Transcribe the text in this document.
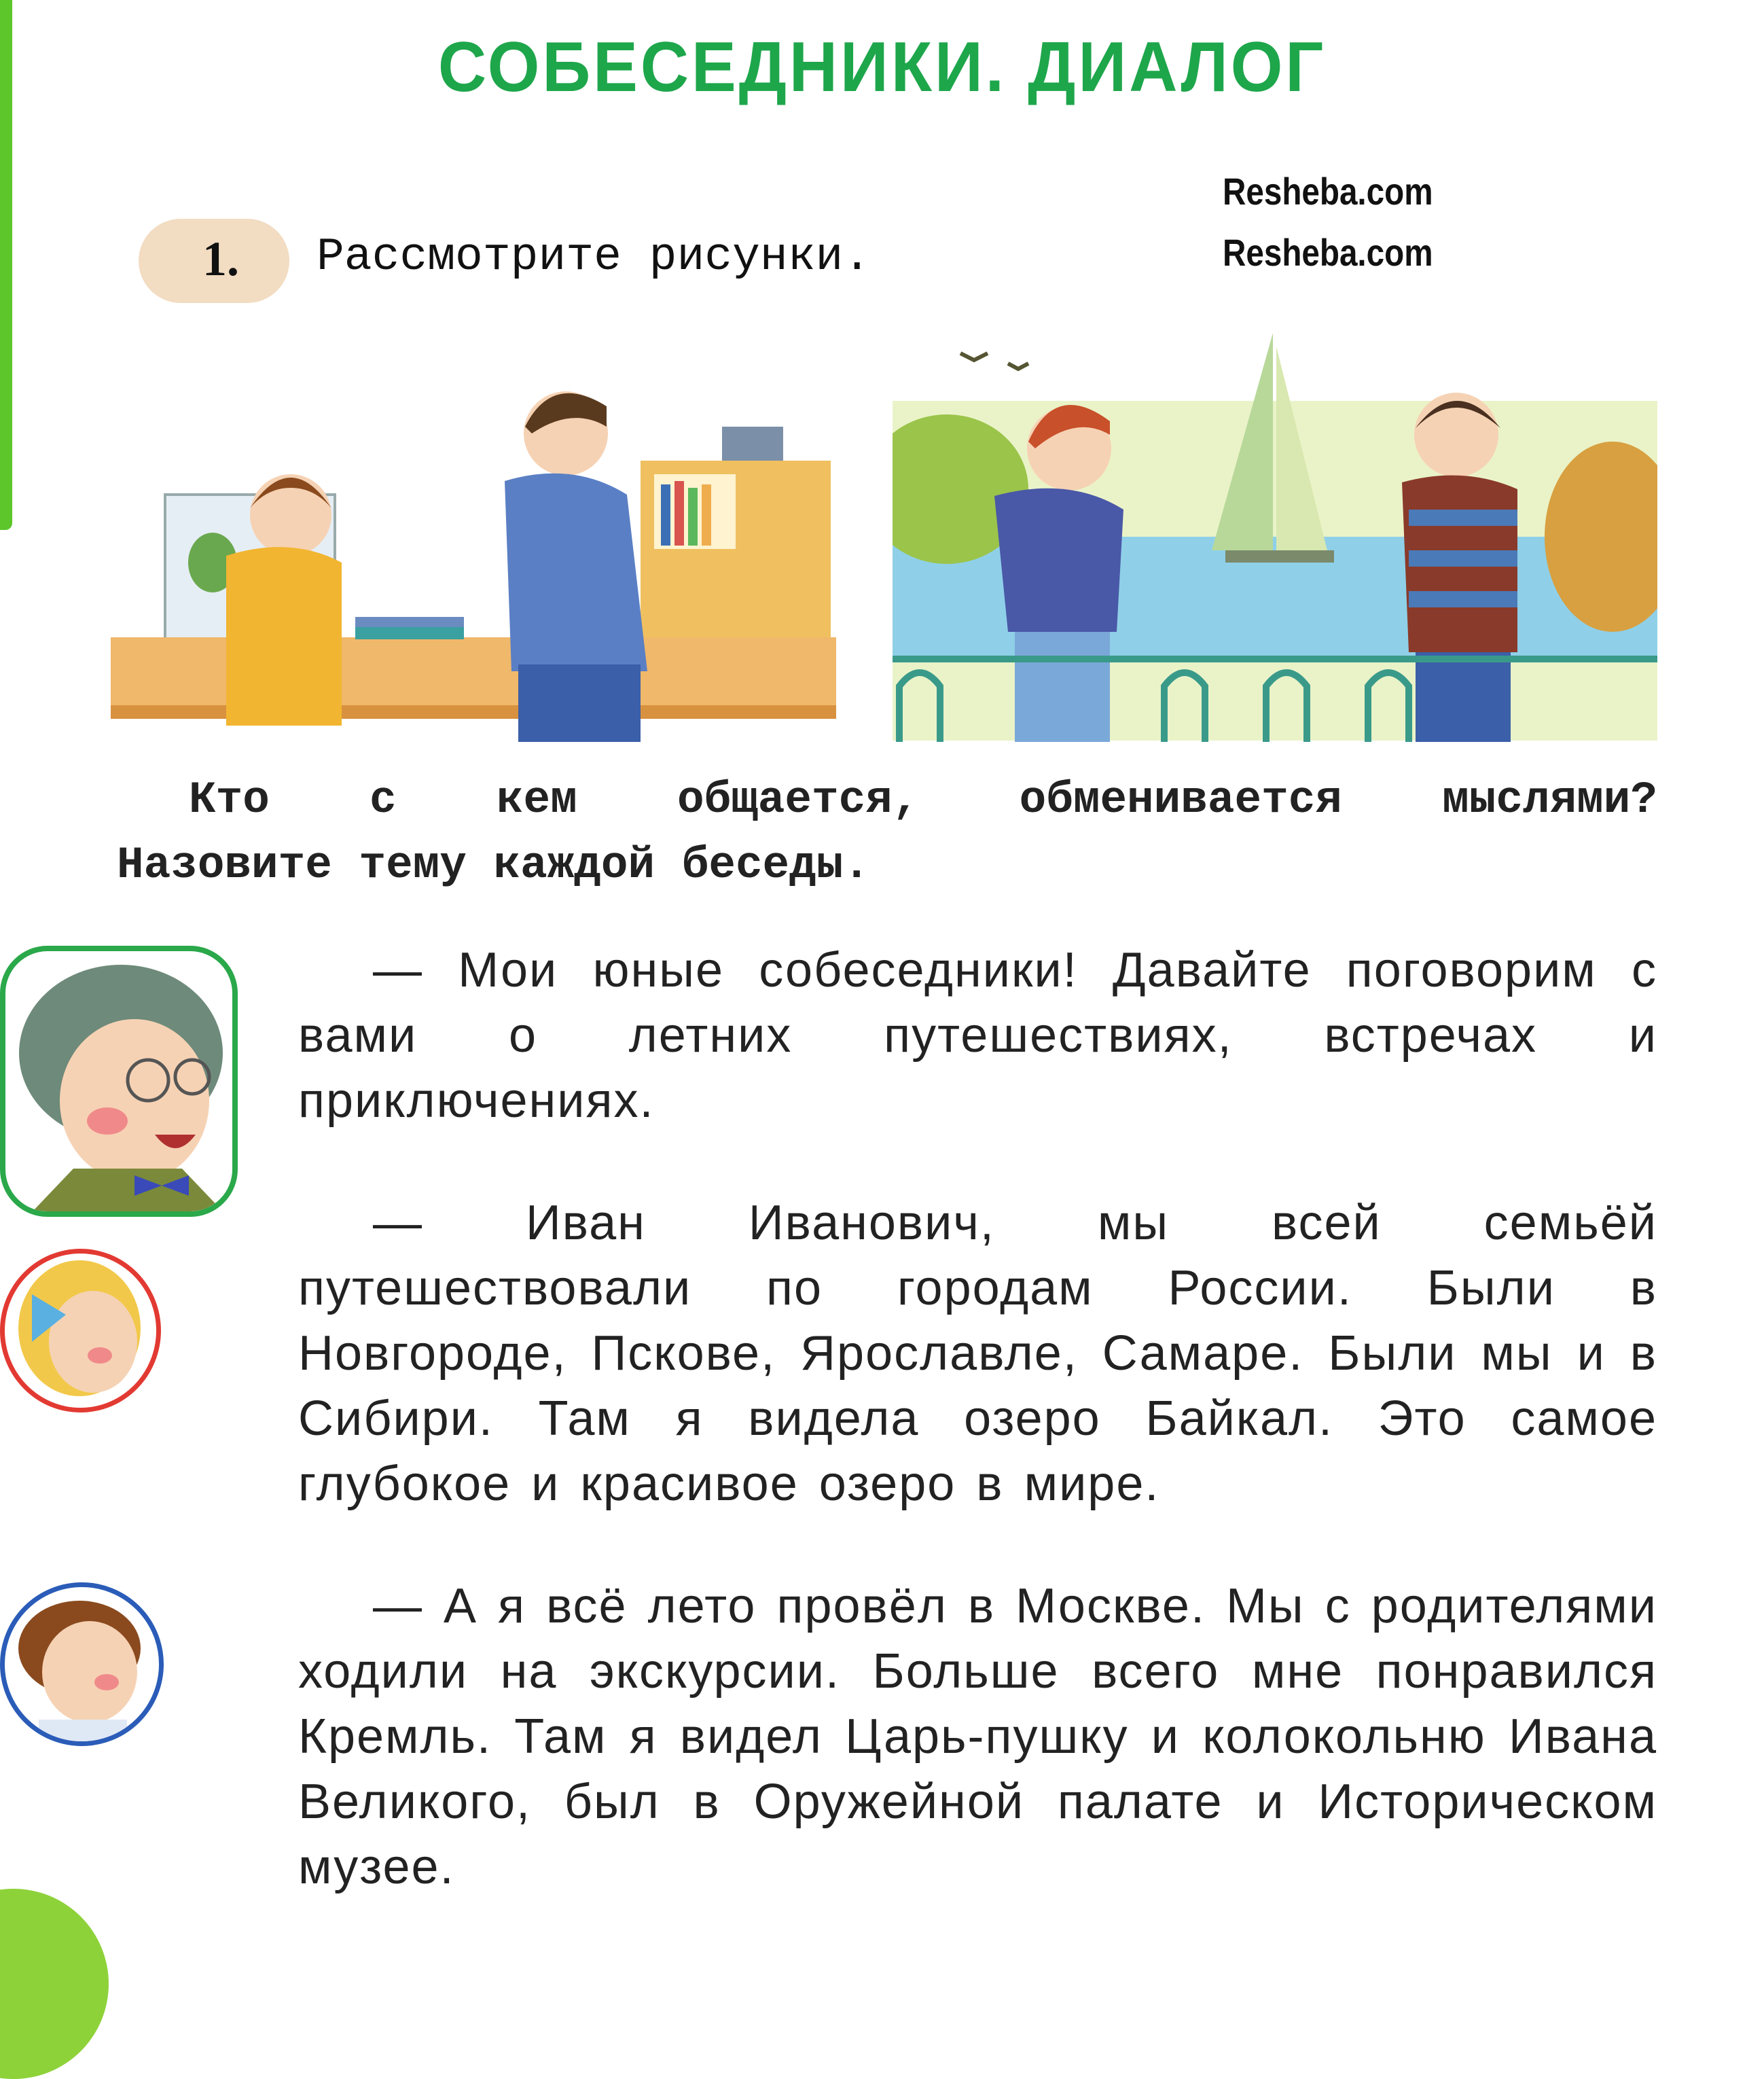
СОБЕСЕДНИКИ. ДИАЛОГ
1. Рассмотрите рисунки.
Resheba.com
Resheba.com
Кто с кем общается, обменивается мыслями?
Назовите тему каждой беседы.

— Мои юные собеседники! Давайте поговорим с вами о летних путешествиях, встречах и приключениях.

— Иван Иванович, мы всей семьёй путешествовали по городам России. Были в Новгороде, Пскове, Ярославле, Самаре. Были мы и в Сибири. Там я видела озеро Байкал. Это самое глубокое и красивое озеро в мире.

— А я всё лето провёл в Москве. Мы с родителями ходили на экскурсии. Больше всего мне понравился Кремль. Там я видел Царь-пушку и колокольню Ивана Великого, был в Оружейной палате и Историческом музее.
